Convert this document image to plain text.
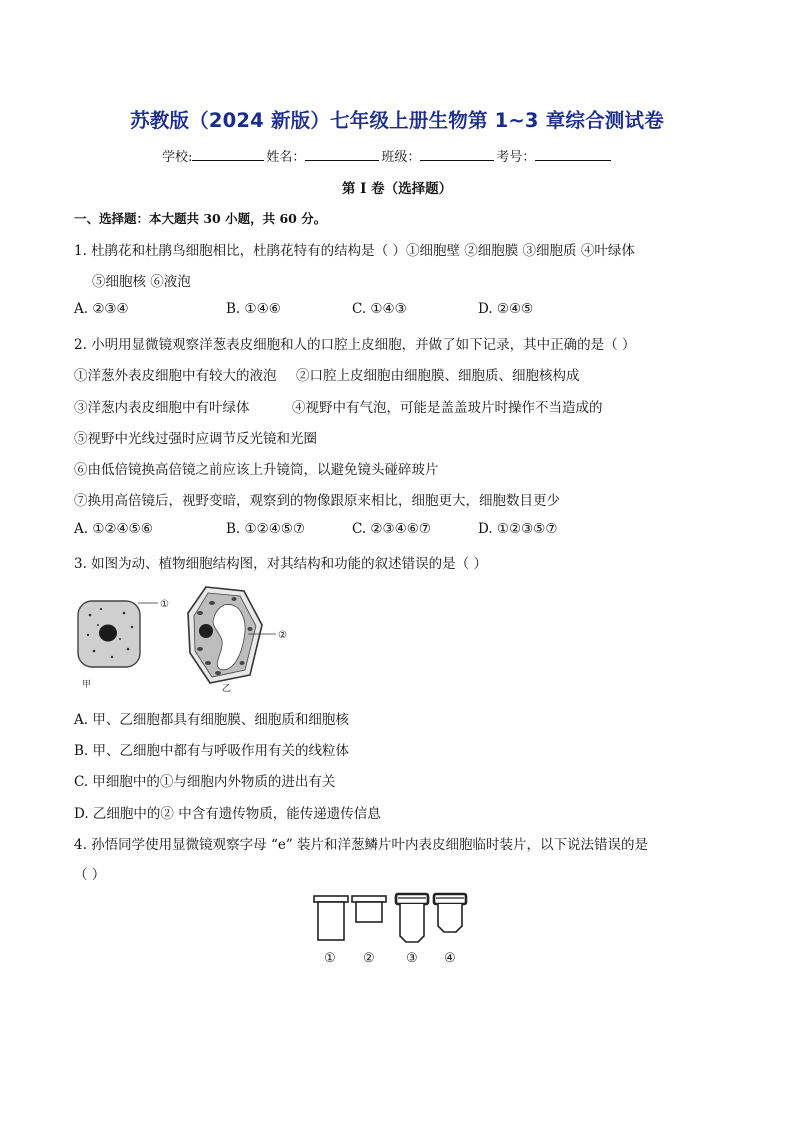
苏教版（2024 新版）七年级上册生物第 1~3 章综合测试卷
学校:	姓名：	班级：	考号：
第 I 卷（选择题）
一、选择题：本大题共 30 小题，共 60 分。
1. 杜鹃花和杜鹃鸟细胞相比，杜鹃花特有的结构是（ ）①细胞壁 ②细胞膜 ③细胞质 ④叶绿体
⑤细胞核 ⑥液泡
A. ②③④	B. ①④⑥	C. ①④③	D. ②④⑤
2. 小明用显微镜观察洋葱表皮细胞和人的口腔上皮细胞，并做了如下记录，其中正确的是（ ）
①洋葱外表皮细胞中有较大的液泡 ②口腔上皮细胞由细胞膜、细胞质、细胞核构成
③洋葱内表皮细胞中有叶绿体	④视野中有气泡，可能是盖盖玻片时操作不当造成的
⑤视野中光线过强时应调节反光镜和光圈
⑥由低倍镜换高倍镜之前应该上升镜筒，以避免镜头碰碎玻片
⑦换用高倍镜后，视野变暗，观察到的物像跟原来相比，细胞更大，细胞数目更少
A. ①②④⑤⑥	B. ①②④⑤⑦	C. ②③④⑥⑦	D. ①②③⑤⑦
3. 如图为动、植物细胞结构图，对其结构和功能的叙述错误的是（ ）
①
甲
②
乙
A. 甲、乙细胞都具有细胞膜、细胞质和细胞核
B. 甲、乙细胞中都有与呼吸作用有关的线粒体
C. 甲细胞中的①与细胞内外物质的进出有关
D. 乙细胞中的② 中含有遗传物质，能传递遗传信息
4. 孙悟同学使用显微镜观察字母 “e” 装片和洋葱鳞片叶内表皮细胞临时装片，以下说法错误的是
（ ）
① ② ③ ④
